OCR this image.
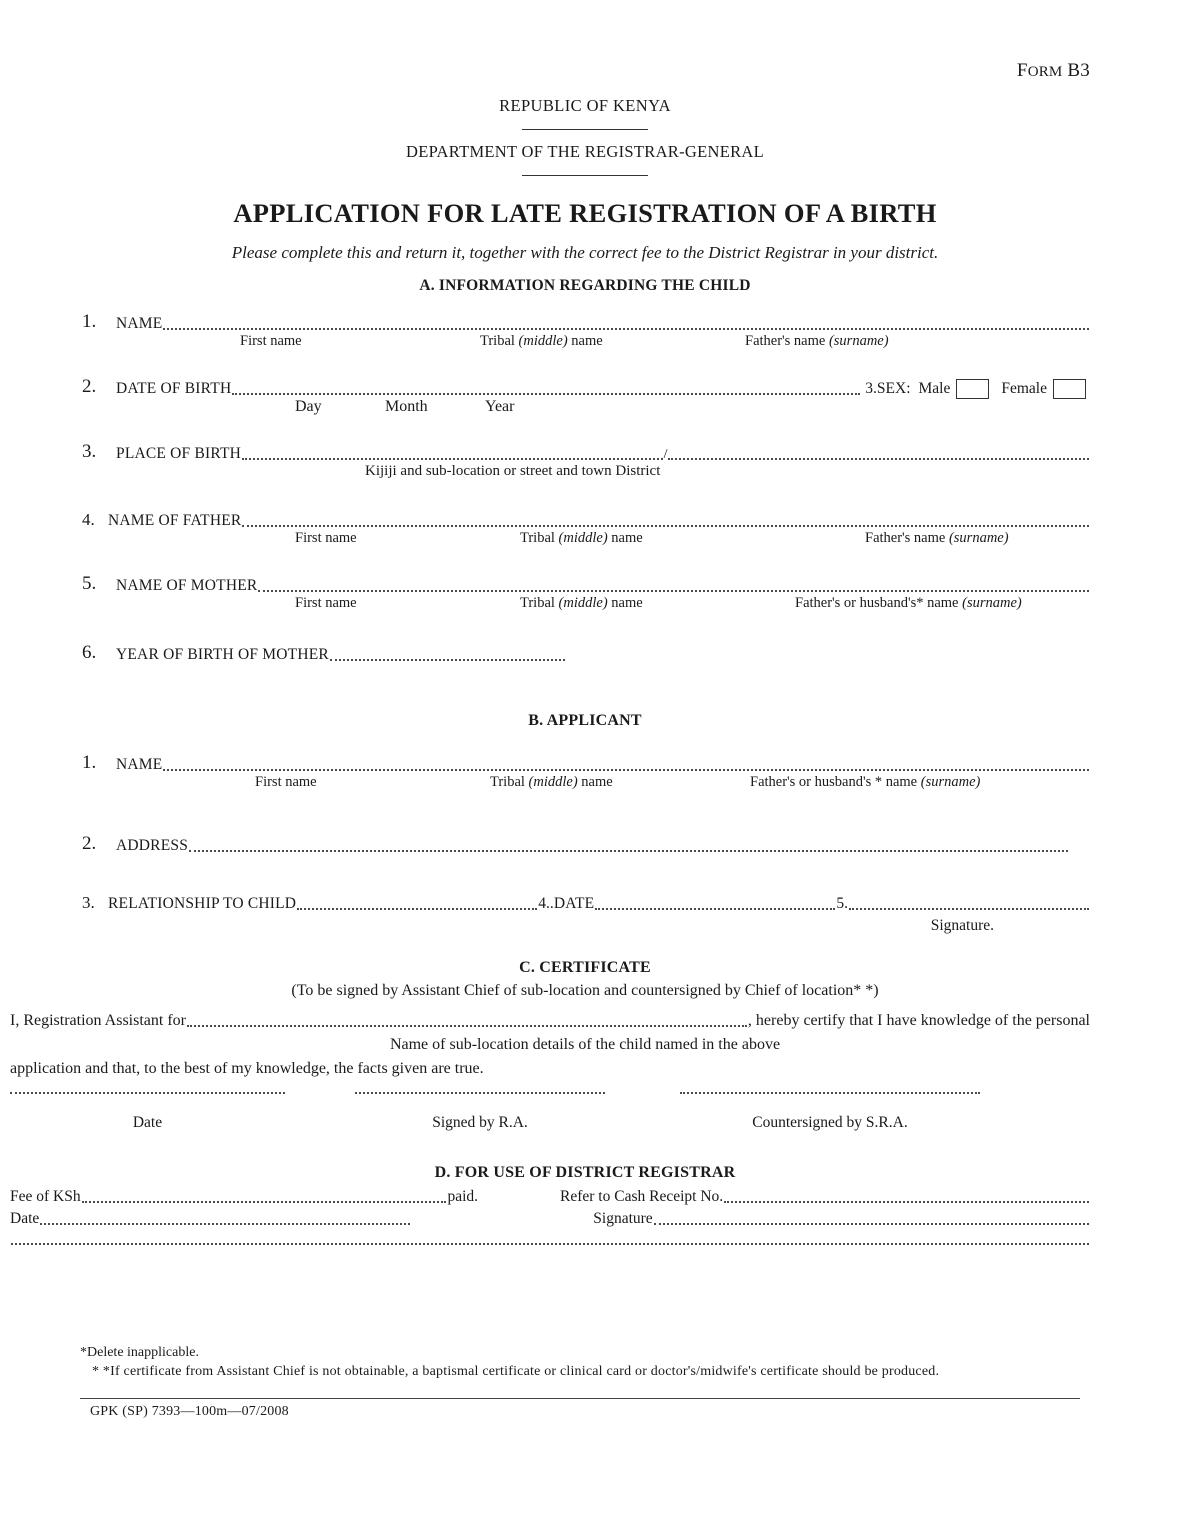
FORM B3
REPUBLIC OF KENYA
DEPARTMENT OF THE REGISTRAR-GENERAL
APPLICATION FOR LATE REGISTRATION OF A BIRTH
Please complete this and return it, together with the correct fee to the District Registrar in your district.
A. INFORMATION REGARDING THE CHILD
1.	NAME
First name	Tribal (middle) name	Father's name (surname)
2.	DATE OF BIRTH	3.SEX: Male	Female
Day	Month	Year
3.	PLACE OF BIRTH	/
Kijiji and sub-location or street and town District
4. NAME OF FATHER
First name	Tribal (middle) name	Father's name (surname)
5.	NAME OF MOTHER
First name	Tribal (middle) name	Father's or husband's* name (surname)
6.	YEAR OF BIRTH OF MOTHER
B. APPLICANT
1.	NAME
First name	Tribal (middle) name	Father's or husband's * name (surname)
2.	ADDRESS
3. RELATIONSHIP TO CHILD	4. .DATE	5.
Signature.
C. CERTIFICATE
(To be signed by Assistant Chief of sub-location and countersigned by Chief of location* *)
I, Registration Assistant for	, hereby certify that I have knowledge of the personal
Name of sub-location details of the child named in the above
application and that, to the best of my knowledge, the facts given are true.
Date	Signed by R.A.	Countersigned by S.R.A.
D. FOR USE OF DISTRICT REGISTRAR
Fee of KSh	paid.	Refer to Cash Receipt No.
Date	Signature
*Delete inapplicable.
* *If certificate from Assistant Chief is not obtainable, a baptismal certificate or clinical card or doctor's/midwife's certificate should be produced.
GPK (SP) 7393—100m—07/2008
